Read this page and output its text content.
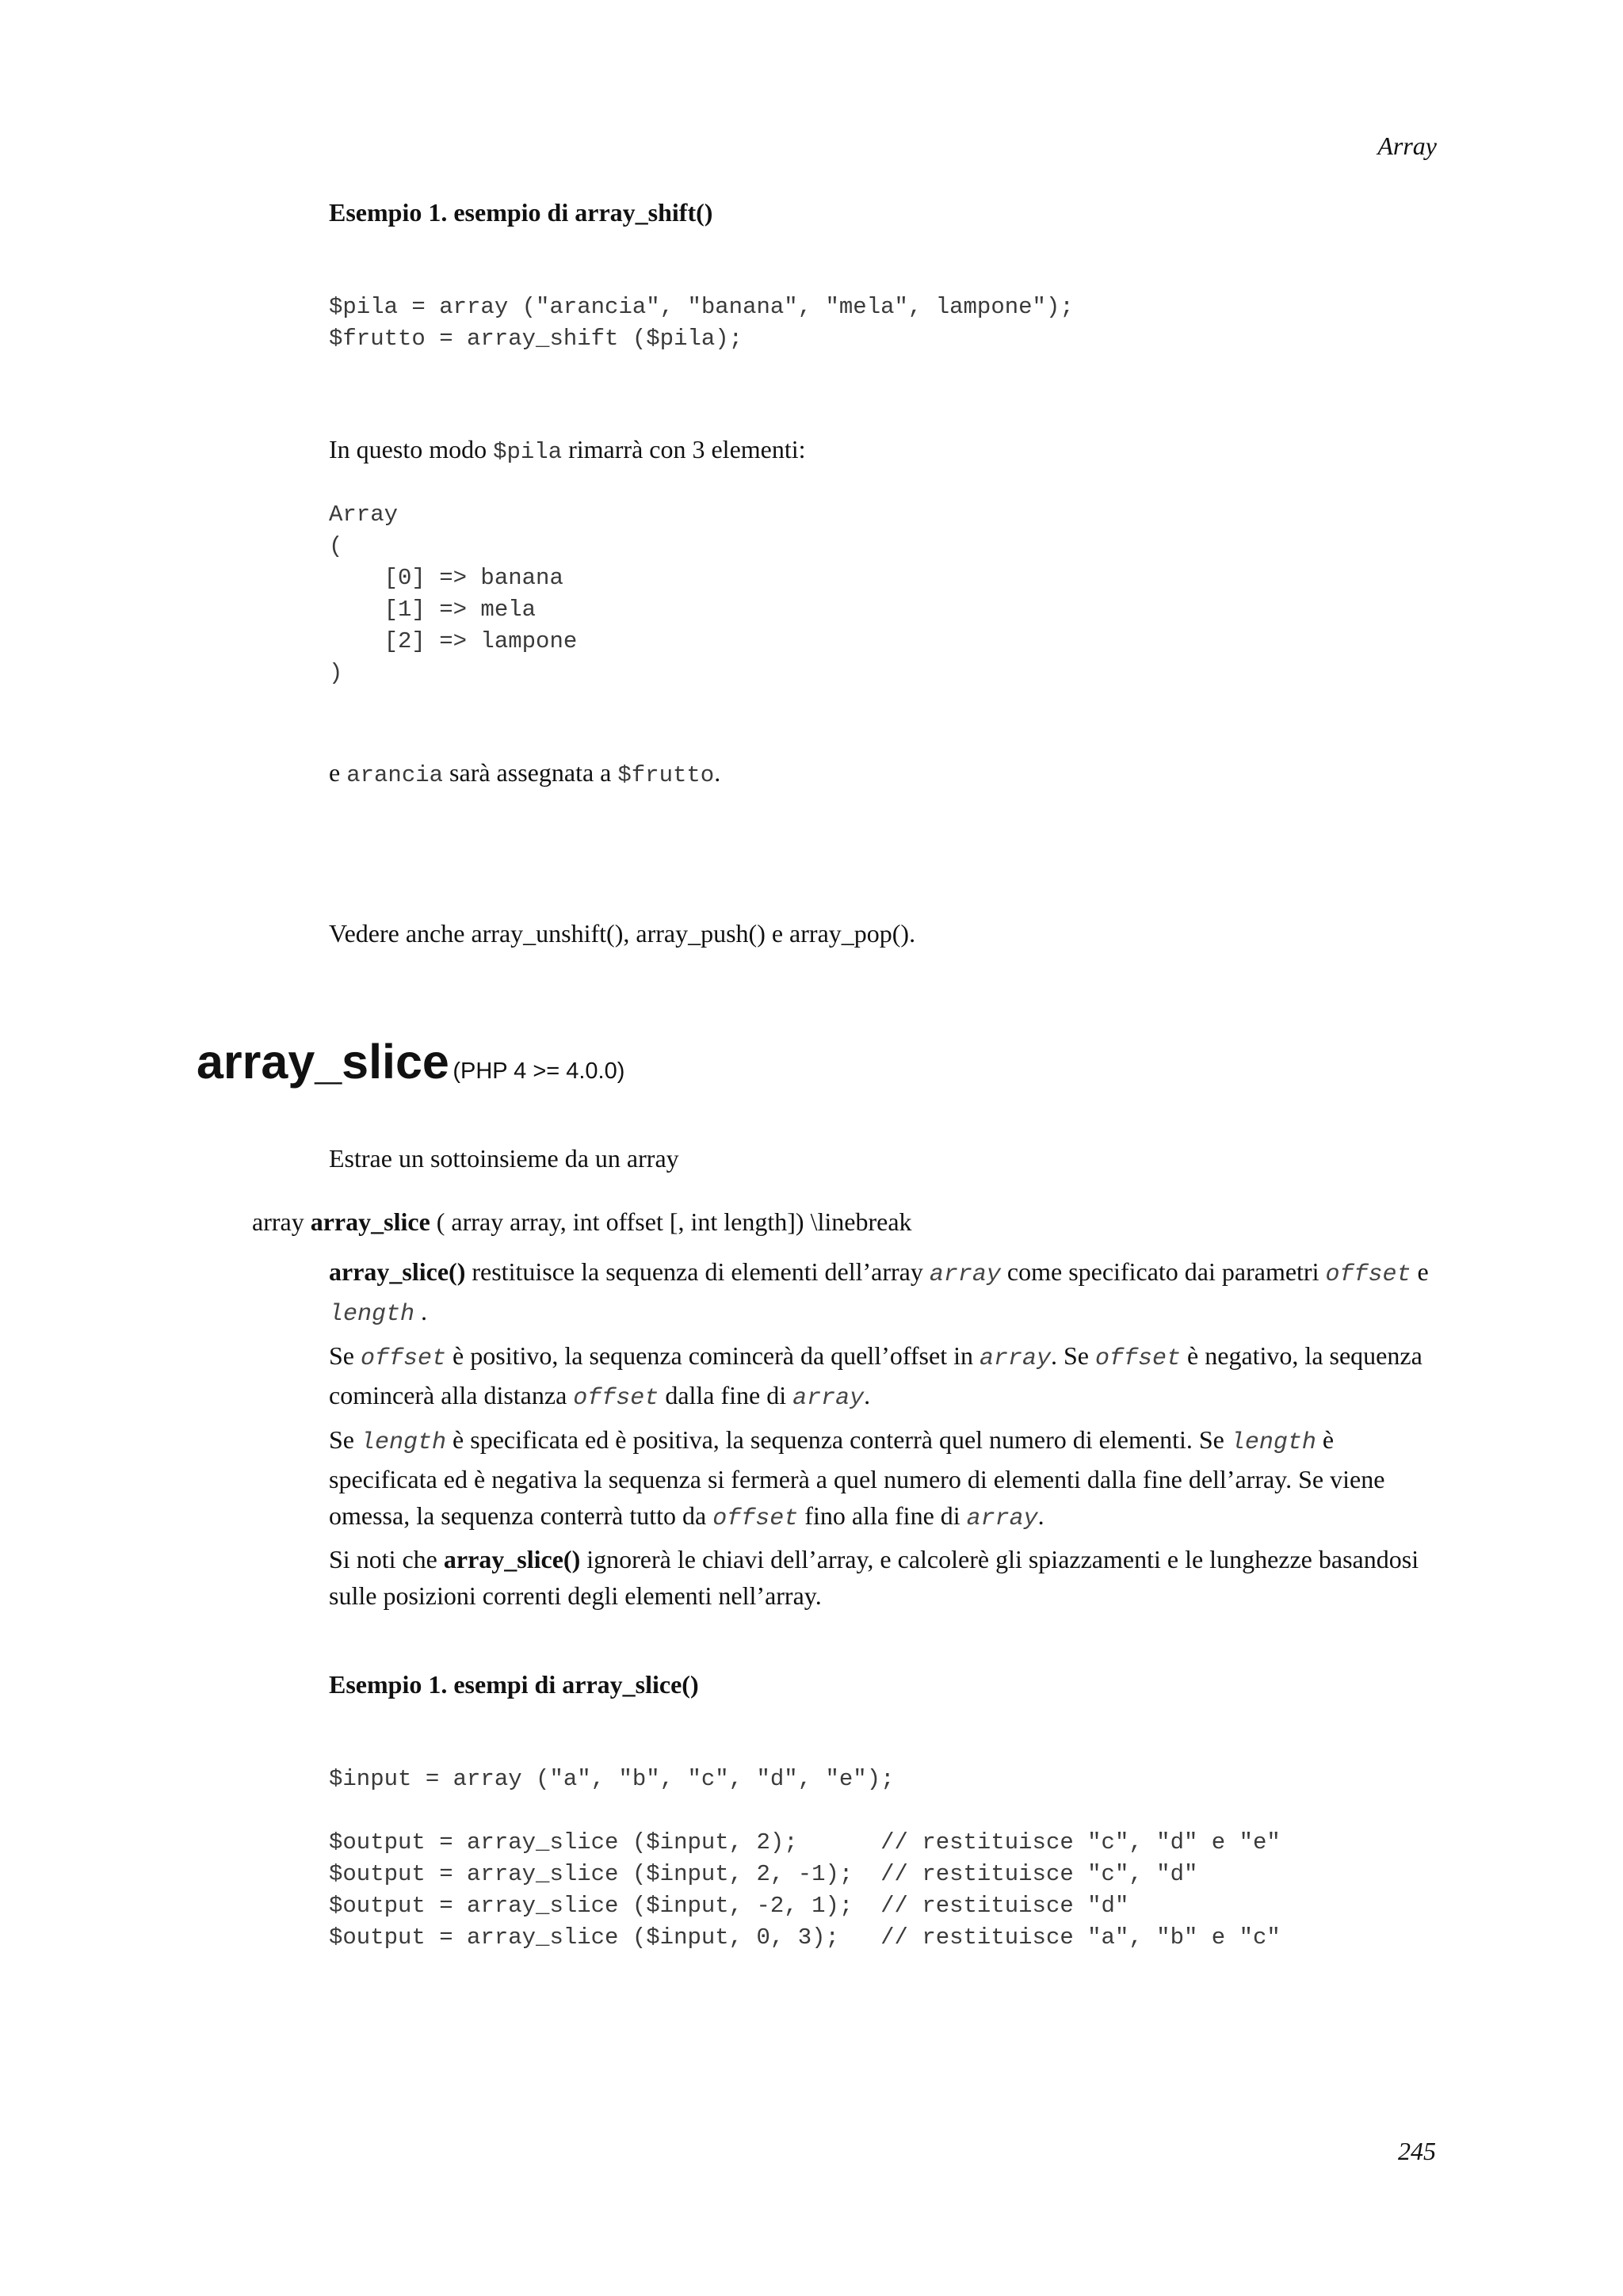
Array
Esempio 1. esempio di array_shift()
$pila = array ("arancia", "banana", "mela", lampone");
$frutto = array_shift ($pila);
In questo modo $pila rimarrà con 3 elementi:
Array
(
[0] => banana
[1] => mela
[2] => lampone
)
e arancia sarà assegnata a $frutto.
Vedere anche array_unshift(), array_push() e array_pop().
array_slice (PHP 4 >= 4.0.0)
Estrae un sottoinsieme da un array
array array_slice ( array array, int offset [, int length]) \linebreak

array_slice() restituisce la sequenza di elementi dell’array array come specificato dai parametri offset e length .

Se offset è positivo, la sequenza comincerà da quell’offset in array. Se offset è negativo, la sequenza comincerà alla distanza offset dalla fine di array.

Se length è specificata ed è positiva, la sequenza conterrà quel numero di elementi. Se length è specificata ed è negativa la sequenza si fermerà a quel numero di elementi dalla fine dell’array. Se viene omessa, la sequenza conterrà tutto da offset fino alla fine di array.

Si noti che array_slice() ignorerà le chiavi dell’array, e calcolerè gli spiazzamenti e le lunghezze basandosi sulle posizioni correnti degli elementi nell’array.

Esempio 1. esempi di array_slice()
$input = array ("a", "b", "c", "d", "e");
$output = array_slice ($input, 2);      // restituisce "c", "d" e "e"
$output = array_slice ($input, 2, -1);  // restituisce "c", "d"
$output = array_slice ($input, -2, 1);  // restituisce "d"
$output = array_slice ($input, 0, 3);   // restituisce "a", "b" e "c"
245
